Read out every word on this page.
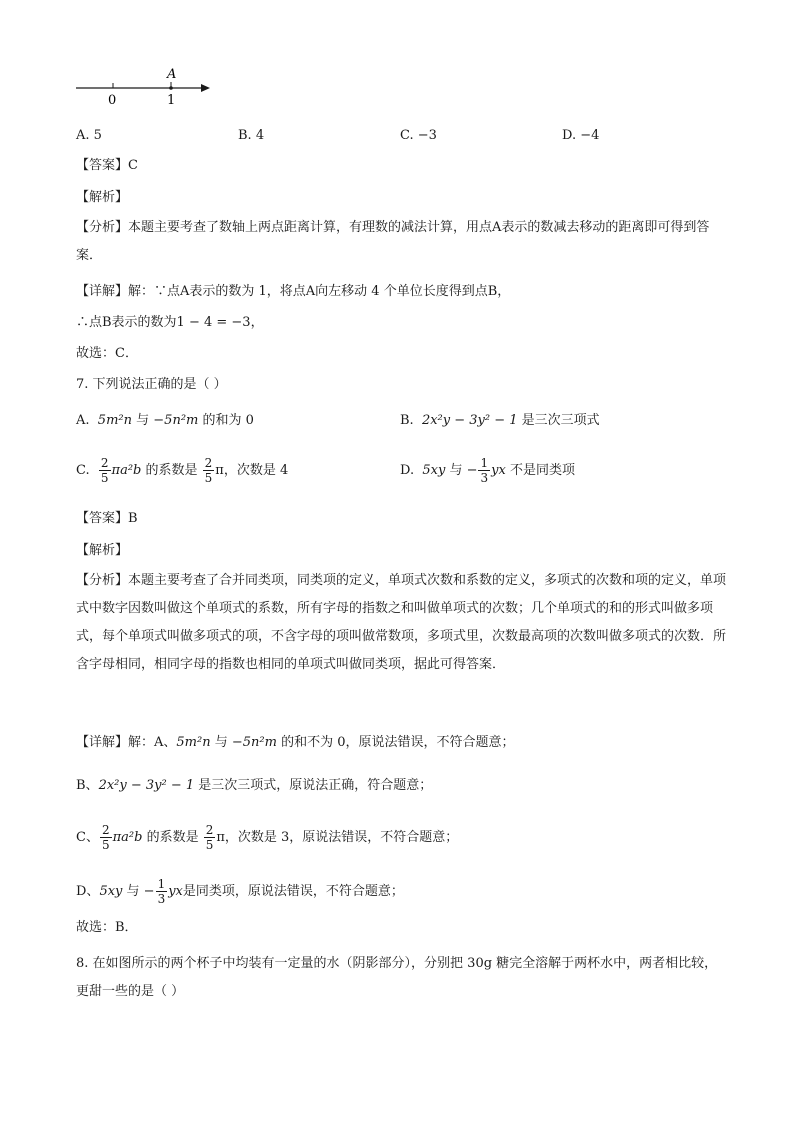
A
0	1
A. 5	B. 4	C. −3	D. −4
【答案】C
【解析】
【分析】本题主要考查了数轴上两点距离计算，有理数的减法计算，用点A表示的数减去移动的距离即可得到答案．
【详解】解：∵点A表示的数为 1，将点A向左移动 4 个单位长度得到点B，
∴点B表示的数为1 − 4 = −3，
故选：C．
7. 下列说法正确的是（ ）
A. 5m²n 与 −5n²m 的和为 0	B. 2x²y − 3y² − 1 是三次三项式
C. $\frac{2}{5} \pi a^2b$ 的系数是 $\frac{2}{5}$ π，次数是 4	D. 5xy 与 − $\frac{1}{3}$ yx 不是同类项
【答案】B
【解析】
【分析】本题主要考查了合并同类项，同类项的定义，单项式次数和系数的定义，多项式的次数和项的定义，单项式中数字因数叫做这个单项式的系数，所有字母的指数之和叫做单项式的次数；几个单项式的和的形式叫做多项式，每个单项式叫做多项式的项，不含字母的项叫做常数项，多项式里，次数最高项的次数叫做多项式的次数．所含字母相同，相同字母的指数也相同的单项式叫做同类项，据此可得答案．
【详解】解：A、5m²n 与 −5n²m 的和不为 0，原说法错误，不符合题意；
B、2x²y − 3y² − 1 是三次三项式，原说法正确，符合题意；
C、 $\frac{2}{5} \pi a^2b$ 的系数是 $\frac{2}{5}$ π，次数是 3，原说法错误，不符合题意；
D、5xy 与 − $\frac{1}{3}$ yx是同类项，原说法错误，不符合题意；
故选：B．
8. 在如图所示的两个杯子中均装有一定量的水（阴影部分），分别把 30g 糖完全溶解于两杯水中，两者相比较，更甜一些的是（ ）
